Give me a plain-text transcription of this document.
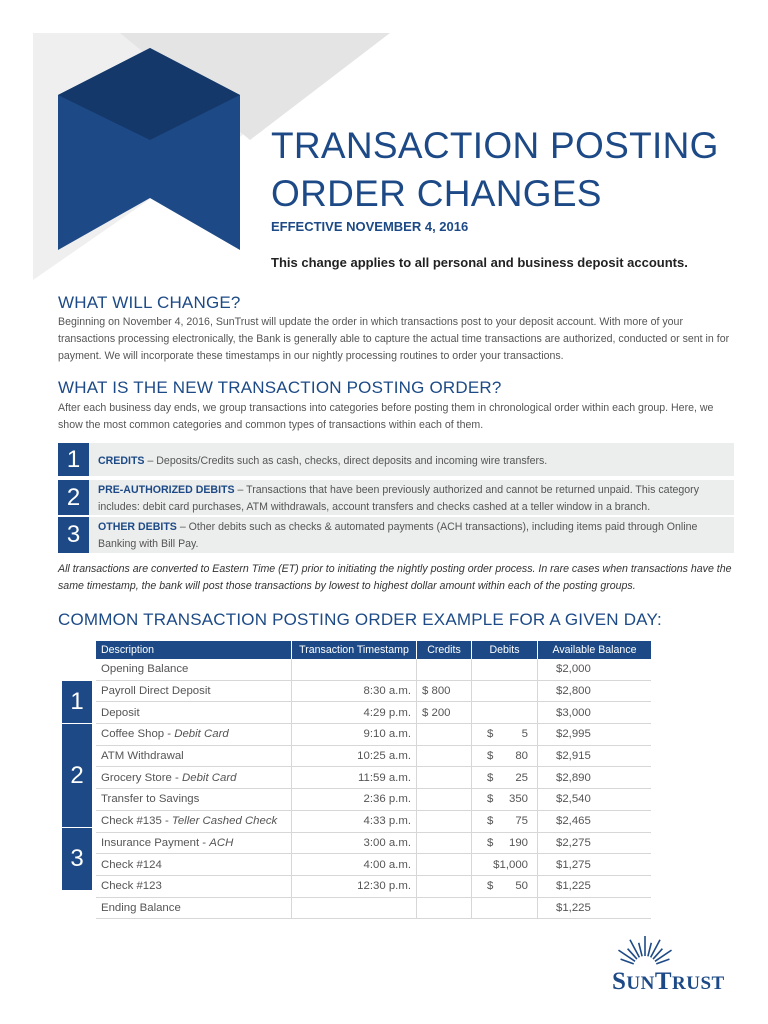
TRANSACTION POSTING
ORDER CHANGES
EFFECTIVE NOVEMBER 4, 2016
This change applies to all personal and business deposit accounts.
WHAT WILL CHANGE?

Beginning on November 4, 2016, SunTrust will update the order in which transactions post to your deposit account. With more of your transactions processing electronically, the Bank is generally able to capture the actual time transactions are authorized, conducted or sent in for payment. We will incorporate these timestamps in our nightly processing routines to order your transactions.

WHAT IS THE NEW TRANSACTION POSTING ORDER?

After each business day ends, we group transactions into categories before posting them in chronological order within each group. Here, we show the most common categories and common types of transactions within each of them.

1	CREDITS – Deposits/Credits such as cash, checks, direct deposits and incoming wire transfers.
2	PRE-AUTHORIZED DEBITS – Transactions that have been previously authorized and cannot be returned unpaid. This category includes: debit card purchases, ATM withdrawals, account transfers and checks cashed at a teller window in a branch.
3	OTHER DEBITS – Other debits such as checks & automated payments (ACH transactions), including items paid through Online Banking with Bill Pay.

All transactions are converted to Eastern Time (ET) prior to initiating the nightly posting order process. In rare cases when transactions have the same timestamp, the bank will post those transactions by lowest to highest dollar amount within each of the posting groups.

COMMON TRANSACTION POSTING ORDER EXAMPLE FOR A GIVEN DAY:
1
2
3
Description	Transaction Timestamp	Credits	Debits	Available Balance
Opening Balance				$2,000
Payroll Direct Deposit	8:30 a.m.	$ 800		$2,800
Deposit	4:29 p.m.	$ 200		$3,000
Coffee Shop - Debit Card	9:10 a.m.		$ 5	$2,995
ATM Withdrawal	10:25 a.m.		$ 80	$2,915
Grocery Store - Debit Card	11:59 a.m.		$ 25	$2,890
Transfer to Savings	2:36 p.m.		$ 350	$2,540
Check #135 - Teller Cashed Check	4:33 p.m.		$ 75	$2,465
Insurance Payment - ACH	3:00 a.m.		$ 190	$2,275
Check #124	4:00 a.m.		$1,000	$1,275
Check #123	12:30 p.m.		$ 50	$1,225
Ending Balance				$1,225
SUNTRUST
